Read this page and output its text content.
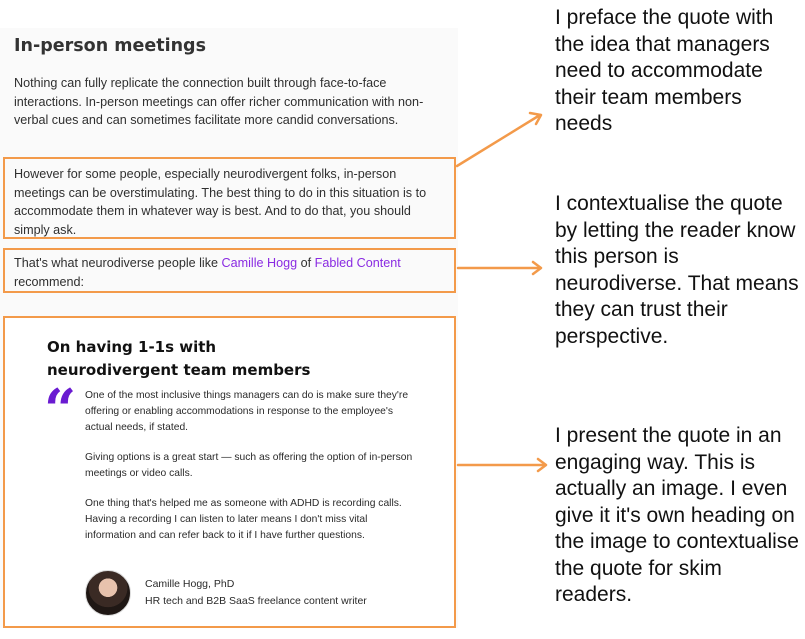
In-person meetings

Nothing can fully replicate the connection built through face-to-face interactions. In-person meetings can offer richer communication with non-verbal cues and can sometimes facilitate more candid conversations.

However for some people, especially neurodivergent folks, in-person meetings can be overstimulating. The best thing to do in this situation is to accommodate them in whatever way is best. And to do that, you should simply ask.

That's what neurodiverse people like Camille Hogg of Fabled Content recommend:

On having 1-1s with neurodivergent team members
“ One of the most inclusive things managers can do is make sure they're offering or enabling accommodations in response to the employee's actual needs, if stated.

Giving options is a great start — such as offering the option of in-person meetings or video calls.

One thing that's helped me as someone with ADHD is recording calls. Having a recording I can listen to later means I don't miss vital information and can refer back to it if I have further questions.

Camille Hogg, PhD
HR tech and B2B SaaS freelance content writer

I preface the quote with the idea that managers need to accommodate their team members needs

I contextualise the quote by letting the reader know this person is neurodiverse. That means they can trust their perspective.

I present the quote in an engaging way. This is actually an image. I even give it it's own heading on the image to contextualise the quote for skim readers.
